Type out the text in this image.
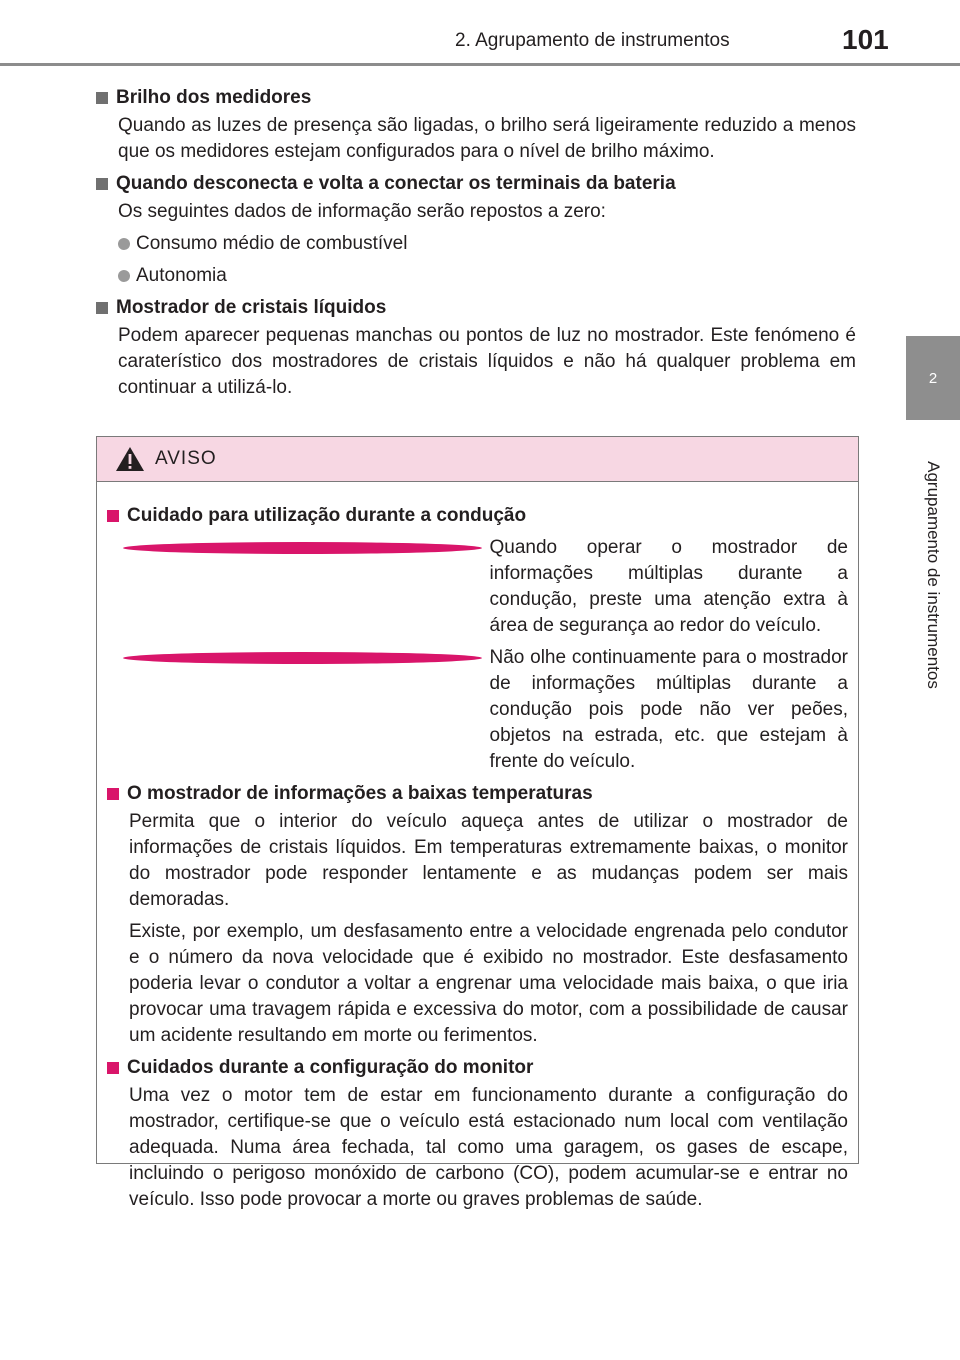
2. Agrupamento de instrumentos	101
2
Agrupamento de instrumentos
Brilho dos medidores
Quando as luzes de presença são ligadas, o brilho será ligeiramente reduzido a menos que os medidores estejam configurados para o nível de brilho máximo.
Quando desconecta e volta a conectar os terminais da bateria
Os seguintes dados de informação serão repostos a zero:
Consumo médio de combustível
Autonomia
Mostrador de cristais líquidos
Podem aparecer pequenas manchas ou pontos de luz no mostrador. Este fenómeno é caraterístico dos mostradores de cristais líquidos e não há qualquer problema em continuar a utilizá-lo.
AVISO
Cuidado para utilização durante a condução
Quando operar o mostrador de informações múltiplas durante a condução, preste uma atenção extra à área de segurança ao redor do veículo.
Não olhe continuamente para o mostrador de informações múltiplas durante a condução pois pode não ver peões, objetos na estrada, etc. que estejam à frente do veículo.
O mostrador de informações a baixas temperaturas
Permita que o interior do veículo aqueça antes de utilizar o mostrador de informações de cristais líquidos. Em temperaturas extremamente baixas, o monitor do mostrador pode responder lentamente e as mudanças podem ser mais demoradas.
Existe, por exemplo, um desfasamento entre a velocidade engrenada pelo condutor e o número da nova velocidade que é exibido no mostrador. Este desfasamento poderia levar o condutor a voltar a engrenar uma velocidade mais baixa, o que iria provocar uma travagem rápida e excessiva do motor, com a possibilidade de causar um acidente resultando em morte ou ferimentos.
Cuidados durante a configuração do monitor
Uma vez o motor tem de estar em funcionamento durante a configuração do mostrador, certifique-se que o veículo está estacionado num local com ventilação adequada. Numa área fechada, tal como uma garagem, os gases de escape, incluindo o perigoso monóxido de carbono (CO), podem acumular-se e entrar no veículo. Isso pode provocar a morte ou graves problemas de saúde.
